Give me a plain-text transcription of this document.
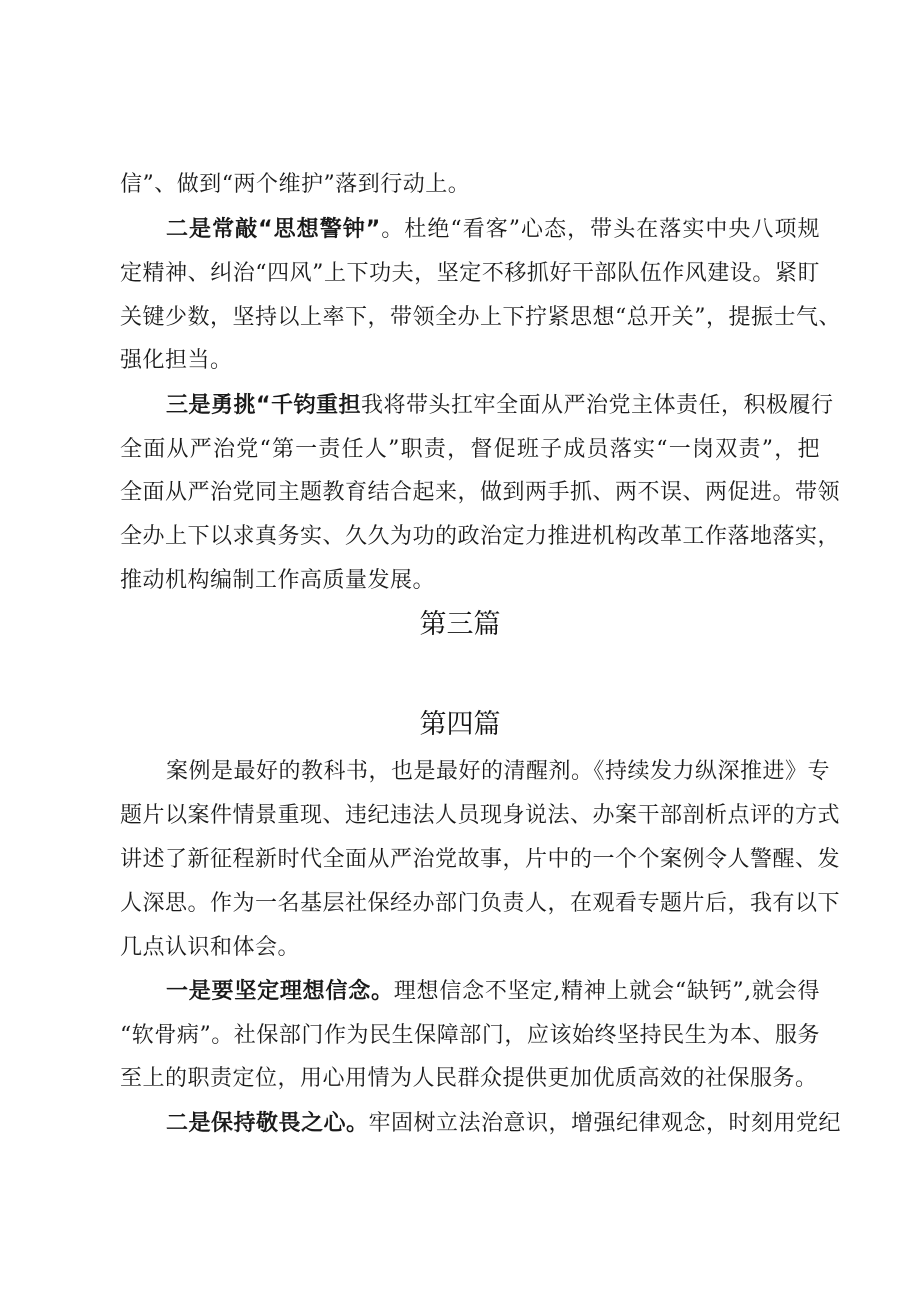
信”、做到“两个维护”落到行动上。
二是常敲“思想警钟”。杜绝“看客”心态，带头在落实中央八项规
定精神、纠治“四风”上下功夫，坚定不移抓好干部队伍作风建设。紧盯
关键少数，坚持以上率下，带领全办上下拧紧思想“总开关”，提振士气、
强化担当。
三是勇挑“千钧重担我将带头扛牢全面从严治党主体责任，积极履行
全面从严治党“第一责任人”职责，督促班子成员落实“一岗双责”，把
全面从严治党同主题教育结合起来，做到两手抓、两不误、两促进。带领
全办上下以求真务实、久久为功的政治定力推进机构改革工作落地落实，
推动机构编制工作高质量发展。
第三篇
第四篇
案例是最好的教科书，也是最好的清醒剂。《持续发力纵深推进》专
题片以案件情景重现、违纪违法人员现身说法、办案干部剖析点评的方式
讲述了新征程新时代全面从严治党故事，片中的一个个案例令人警醒、发
人深思。作为一名基层社保经办部门负责人，在观看专题片后，我有以下
几点认识和体会。
一是要坚定理想信念。理想信念不坚定,精神上就会“缺钙”,就会得
“软骨病”。社保部门作为民生保障部门，应该始终坚持民生为本、服务
至上的职责定位，用心用情为人民群众提供更加优质高效的社保服务。
二是保持敬畏之心。牢固树立法治意识，增强纪律观念，时刻用党纪
